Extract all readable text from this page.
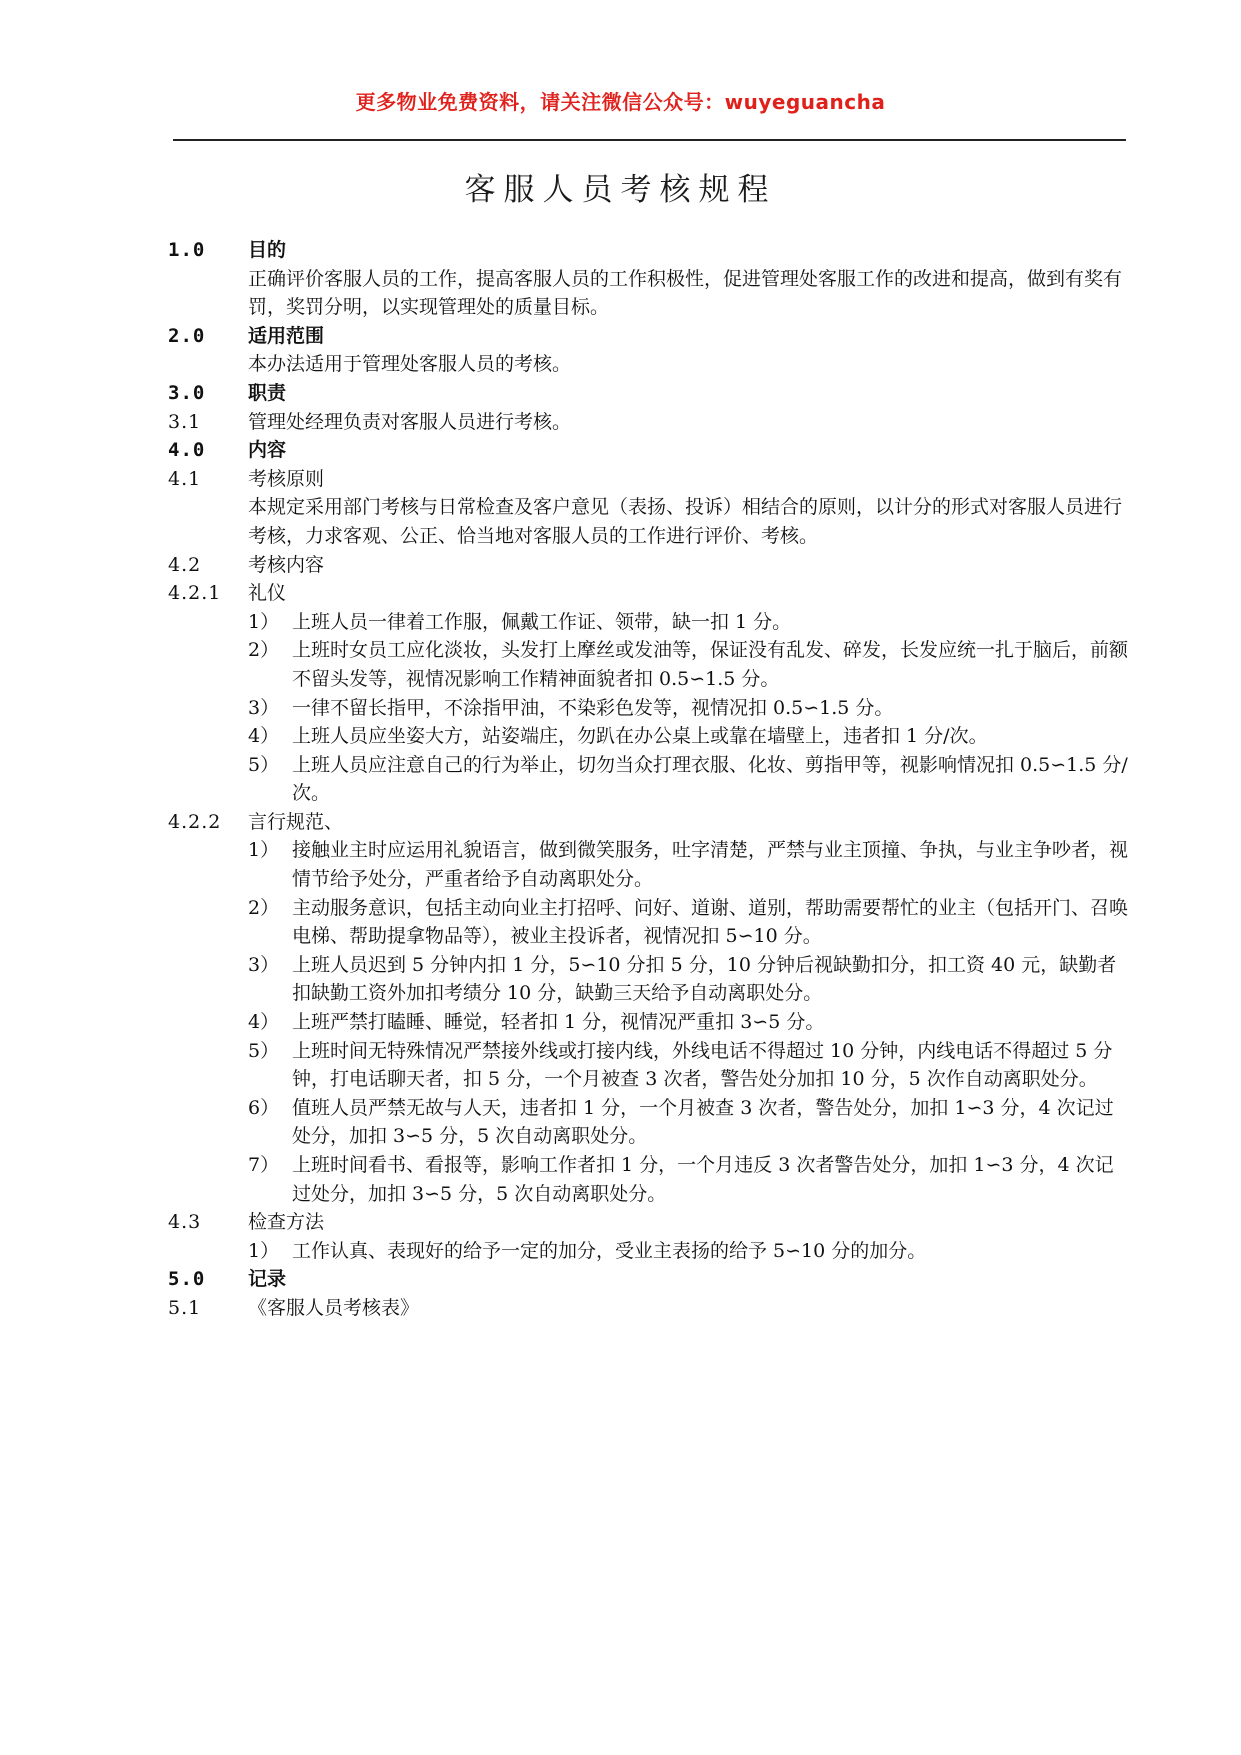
更多物业免费资料，请关注微信公众号：wuyeguancha
客服人员考核规程
1.0	目的
正确评价客服人员的工作，提高客服人员的工作积极性，促进管理处客服工作的改进和提高，做到有奖有罚，奖罚分明，以实现管理处的质量目标。
2.0	适用范围
本办法适用于管理处客服人员的考核。
3.0	职责
3.1	管理处经理负责对客服人员进行考核。
4.0	内容
4.1	考核原则
本规定采用部门考核与日常检查及客户意见（表扬、投诉）相结合的原则，以计分的形式对客服人员进行考核，力求客观、公正、恰当地对客服人员的工作进行评价、考核。
4.2	考核内容
4.2.1	礼仪
1） 上班人员一律着工作服，佩戴工作证、领带，缺一扣 1 分。
2） 上班时女员工应化淡妆，头发打上摩丝或发油等，保证没有乱发、碎发，长发应统一扎于脑后，前额不留头发等，视情况影响工作精神面貌者扣 0.5∽1.5 分。
3） 一律不留长指甲，不涂指甲油，不染彩色发等，视情况扣 0.5∽1.5 分。
4） 上班人员应坐姿大方，站姿端庄，勿趴在办公桌上或靠在墙壁上，违者扣 1 分/次。
5） 上班人员应注意自己的行为举止，切勿当众打理衣服、化妆、剪指甲等，视影响情况扣 0.5∽1.5 分/次。
4.2.2	言行规范、
1） 接触业主时应运用礼貌语言，做到微笑服务，吐字清楚，严禁与业主顶撞、争执，与业主争吵者，视情节给予处分，严重者给予自动离职处分。
2） 主动服务意识，包括主动向业主打招呼、问好、道谢、道别，帮助需要帮忙的业主（包括开门、召唤电梯、帮助提拿物品等），被业主投诉者，视情况扣 5∽10 分。
3） 上班人员迟到 5 分钟内扣 1 分，5∽10 分扣 5 分，10 分钟后视缺勤扣分，扣工资 40 元，缺勤者扣缺勤工资外加扣考绩分 10 分，缺勤三天给予自动离职处分。
4） 上班严禁打瞌睡、睡觉，轻者扣 1 分，视情况严重扣 3∽5 分。
5） 上班时间无特殊情况严禁接外线或打接内线，外线电话不得超过 10 分钟，内线电话不得超过 5 分钟，打电话聊天者，扣 5 分，一个月被查 3 次者，警告处分加扣 10 分，5 次作自动离职处分。
6） 值班人员严禁无故与人天，违者扣 1 分，一个月被查 3 次者，警告处分，加扣 1∽3 分，4 次记过处分，加扣 3∽5 分，5 次自动离职处分。
7） 上班时间看书、看报等，影响工作者扣 1 分，一个月违反 3 次者警告处分，加扣 1∽3 分，4 次记过处分，加扣 3∽5 分，5 次自动离职处分。
4.3	检查方法
1） 工作认真、表现好的给予一定的加分，受业主表扬的给予 5∽10 分的加分。
5.0	记录
5.1	《客服人员考核表》
